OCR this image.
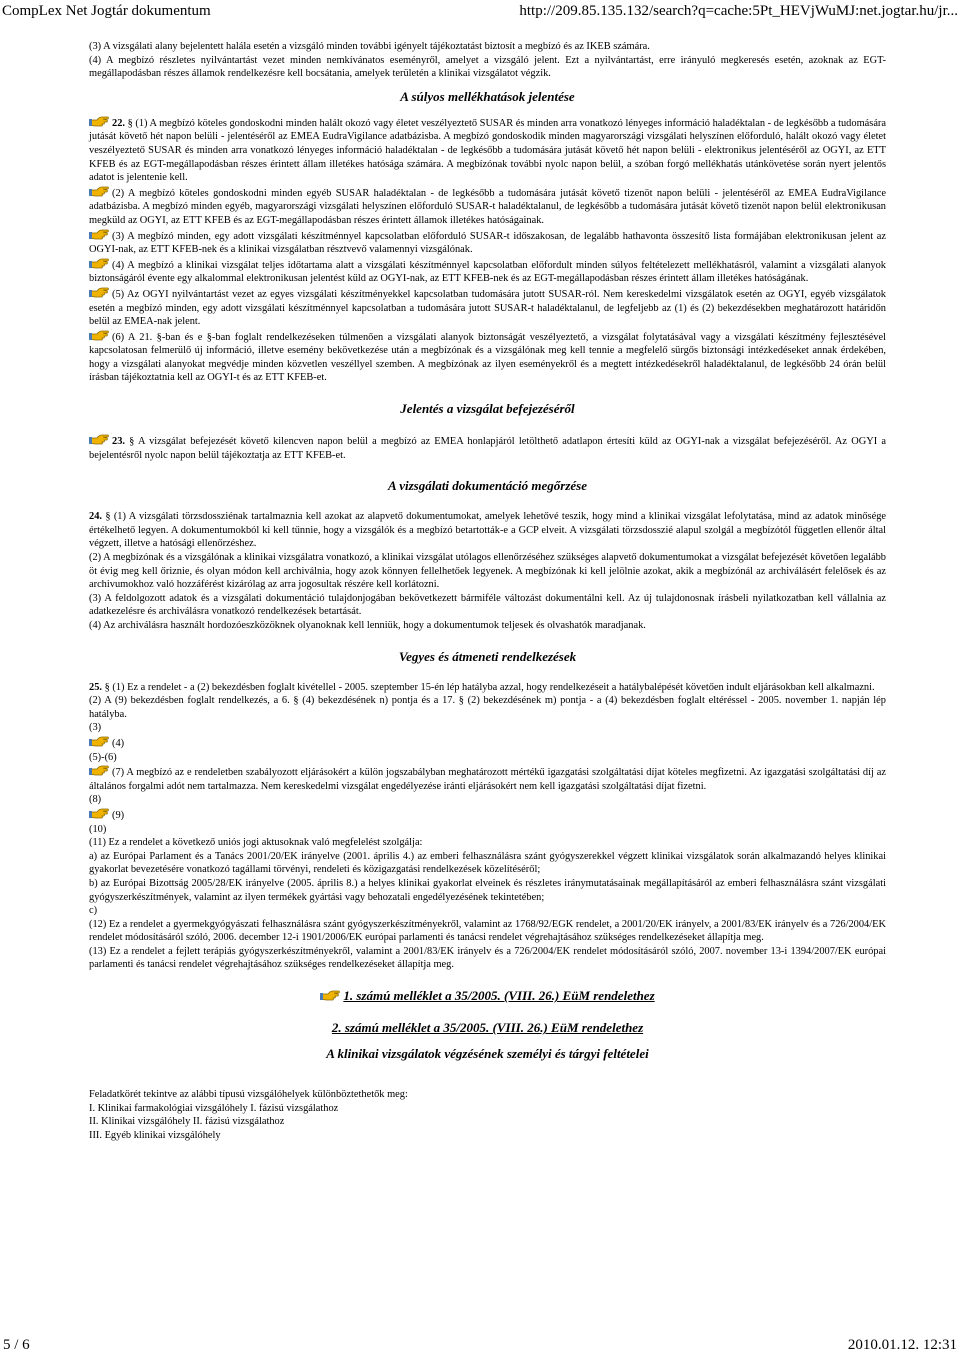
CompLex Net Jogtár dokumentum	http://209.85.135.132/search?q=cache:5Pt_HEVjWuMJ:net.jogtar.hu/jr...

(3) A vizsgálati alany bejelentett halála esetén a vizsgáló minden további igényelt tájékoztatást biztosít a megbízó és az IKEB számára.

(4) A megbízó részletes nyilvántartást vezet minden nemkívánatos eseményről, amelyet a vizsgáló jelent. Ezt a nyilvántartást, erre irányuló megkeresés esetén, azoknak az EGT-megállapodásban részes államok rendelkezésre kell bocsátania, amelyek területén a klinikai vizsgálatot végzik.

A súlyos mellékhatások jelentése

22. § (1) A megbízó köteles gondoskodni minden halált okozó vagy életet veszélyeztető SUSAR és minden arra vonatkozó lényeges információ haladéktalan - de legkésőbb a tudomására jutását követő hét napon belüli - jelentéséről az EMEA EudraVigilance adatbázisba. A megbízó gondoskodik minden magyarországi vizsgálati helyszínen előforduló, halált okozó vagy életet veszélyeztető SUSAR és minden arra vonatkozó lényeges információ haladéktalan - de legkésőbb a tudomására jutását követő hét napon belüli - elektronikus jelentéséről az OGYI, az ETT KFEB és az EGT-megállapodásban részes érintett állam illetékes hatósága számára. A megbízónak további nyolc napon belül, a szóban forgó mellékhatás utánkövetése során nyert jelentős adatot is jelentenie kell.

(2) A megbízó köteles gondoskodni minden egyéb SUSAR haladéktalan - de legkésőbb a tudomására jutását követő tizenöt napon belüli - jelentéséről az EMEA EudraVigilance adatbázisba. A megbízó minden egyéb, magyarországi vizsgálati helyszínen előforduló SUSAR-t haladéktalanul, de legkésőbb a tudomására jutását követő tizenöt napon belül elektronikusan megküld az OGYI, az ETT KFEB és az EGT-megállapodásban részes érintett államok illetékes hatóságainak.

(3) A megbízó minden, egy adott vizsgálati készítménnyel kapcsolatban előforduló SUSAR-t időszakosan, de legalább hathavonta összesítő lista formájában elektronikusan jelent az OGYI-nak, az ETT KFEB-nek és a klinikai vizsgálatban résztvevő valamennyi vizsgálónak.

(4) A megbízó a klinikai vizsgálat teljes időtartama alatt a vizsgálati készítménnyel kapcsolatban előfordult minden súlyos feltételezett mellékhatásról, valamint a vizsgálati alanyok biztonságáról évente egy alkalommal elektronikusan jelentést küld az OGYI-nak, az ETT KFEB-nek és az EGT-megállapodásban részes érintett állam illetékes hatóságának.

(5) Az OGYI nyilvántartást vezet az egyes vizsgálati készítményekkel kapcsolatban tudomására jutott SUSAR-ról. Nem kereskedelmi vizsgálatok esetén az OGYI, egyéb vizsgálatok esetén a megbízó minden, egy adott vizsgálati készítménnyel kapcsolatban a tudomására jutott SUSAR-t haladéktalanul, de legfeljebb az (1) és (2) bekezdésekben meghatározott határidőn belül az EMEA-nak jelent.

(6) A 21. §-ban és e §-ban foglalt rendelkezéseken túlmenően a vizsgálati alanyok biztonságát veszélyeztető, a vizsgálat folytatásával vagy a vizsgálati készítmény fejlesztésével kapcsolatosan felmerülő új információ, illetve esemény bekövetkezése után a megbízónak és a vizsgálónak meg kell tennie a megfelelő sürgős biztonsági intézkedéseket annak érdekében, hogy a vizsgálati alanyokat megvédje minden közvetlen veszéllyel szemben. A megbízónak az ilyen eseményekről és a megtett intézkedésekről haladéktalanul, de legkésőbb 24 órán belül írásban tájékoztatnia kell az OGYI-t és az ETT KFEB-et.

Jelentés a vizsgálat befejezéséről

23. § A vizsgálat befejezését követő kilencven napon belül a megbízó az EMEA honlapjáról letölthető adatlapon értesíti küld az OGYI-nak a vizsgálat befejezéséről. Az OGYI a bejelentésről nyolc napon belül tájékoztatja az ETT KFEB-et.

A vizsgálati dokumentáció megőrzése

24. § (1) A vizsgálati törzsdossziénak tartalmaznia kell azokat az alapvető dokumentumokat, amelyek lehetővé teszik, hogy mind a klinikai vizsgálat lefolytatása, mind az adatok minősége értékelhető legyen. A dokumentumokból ki kell tűnnie, hogy a vizsgálók és a megbízó betartották-e a GCP elveit. A vizsgálati törzsdosszié alapul szolgál a megbízótól független ellenőr által végzett, illetve a hatósági ellenőrzéshez.

(2) A megbízónak és a vizsgálónak a klinikai vizsgálatra vonatkozó, a klinikai vizsgálat utólagos ellenőrzéséhez szükséges alapvető dokumentumokat a vizsgálat befejezését követően legalább öt évig meg kell őriznie, és olyan módon kell archiválnia, hogy azok könnyen fellelhetőek legyenek. A megbízónak ki kell jelölnie azokat, akik a megbízónál az archiválásért felelősek és az archivumokhoz való hozzáférést kizárólag az arra jogosultak részére kell korlátozni.

(3) A feldolgozott adatok és a vizsgálati dokumentáció tulajdonjogában bekövetkezett bármiféle változást dokumentálni kell. Az új tulajdonosnak írásbeli nyilatkozatban kell vállalnia az adatkezelésre és archiválásra vonatkozó rendelkezések betartását.

(4) Az archiválásra használt hordozóeszközöknek olyanoknak kell lenniük, hogy a dokumentumok teljesek és olvashatók maradjanak.

Vegyes és átmeneti rendelkezések

25. § (1) Ez a rendelet - a (2) bekezdésben foglalt kivétellel - 2005. szeptember 15-én lép hatályba azzal, hogy rendelkezéseit a hatálybalépését követően indult eljárásokban kell alkalmazni.

(2) A (9) bekezdésben foglalt rendelkezés, a 6. § (4) bekezdésének n) pontja és a 17. § (2) bekezdésének m) pontja - a (4) bekezdésben foglalt eltéréssel - 2005. november 1. napján lép hatályba.

(3)

(4)

(5)-(6)

(7) A megbízó az e rendeletben szabályozott eljárásokért a külön jogszabályban meghatározott mértékű igazgatási szolgáltatási díjat köteles megfizetni. Az igazgatási szolgáltatási díj az általános forgalmi adót nem tartalmazza. Nem kereskedelmi vizsgálat engedélyezése iránti eljárásokért nem kell igazgatási szolgáltatási díjat fizetni.

(8)

(9)

(10)

(11) Ez a rendelet a következő uniós jogi aktusoknak való megfelelést szolgálja:

a) az Európai Parlament és a Tanács 2001/20/EK irányelve (2001. április 4.) az emberi felhasználásra szánt gyógyszerekkel végzett klinikai vizsgálatok során alkalmazandó helyes klinikai gyakorlat bevezetésére vonatkozó tagállami törvényi, rendeleti és közigazgatási rendelkezések közelítéséről;

b) az Európai Bizottság 2005/28/EK irányelve (2005. április 8.) a helyes klinikai gyakorlat elveinek és részletes iránymutatásainak megállapításáról az emberi felhasználásra szánt vizsgálati gyógyszerkészítmények, valamint az ilyen termékek gyártási vagy behozatali engedélyezésének tekintetében;

c)

(12) Ez a rendelet a gyermekgyógyászati felhasználásra szánt gyógyszerkészítményekről, valamint az 1768/92/EGK rendelet, a 2001/20/EK irányelv, a 2001/83/EK irányelv és a 726/2004/EK rendelet módosításáról szóló, 2006. december 12-i 1901/2006/EK európai parlamenti és tanácsi rendelet végrehajtásához szükséges rendelkezéseket állapítja meg.

(13) Ez a rendelet a fejlett terápiás gyógyszerkészítményekről, valamint a 2001/83/EK irányelv és a 726/2004/EK rendelet módosításáról szóló, 2007. november 13-i 1394/2007/EK európai parlamenti és tanácsi rendelet végrehajtásához szükséges rendelkezéseket állapítja meg.

1. számú melléklet a 35/2005. (VIII. 26.) EüM rendelethez
2. számú melléklet a 35/2005. (VIII. 26.) EüM rendelethez
A klinikai vizsgálatok végzésének személyi és tárgyi feltételei

Feladatkörét tekintve az alábbi típusú vizsgálóhelyek különböztethetők meg:

I. Klinikai farmakológiai vizsgálóhely I. fázisú vizsgálathoz

II. Klinikai vizsgálóhely II. fázisú vizsgálathoz

III. Egyéb klinikai vizsgálóhely

5 / 6	2010.01.12. 12:31
